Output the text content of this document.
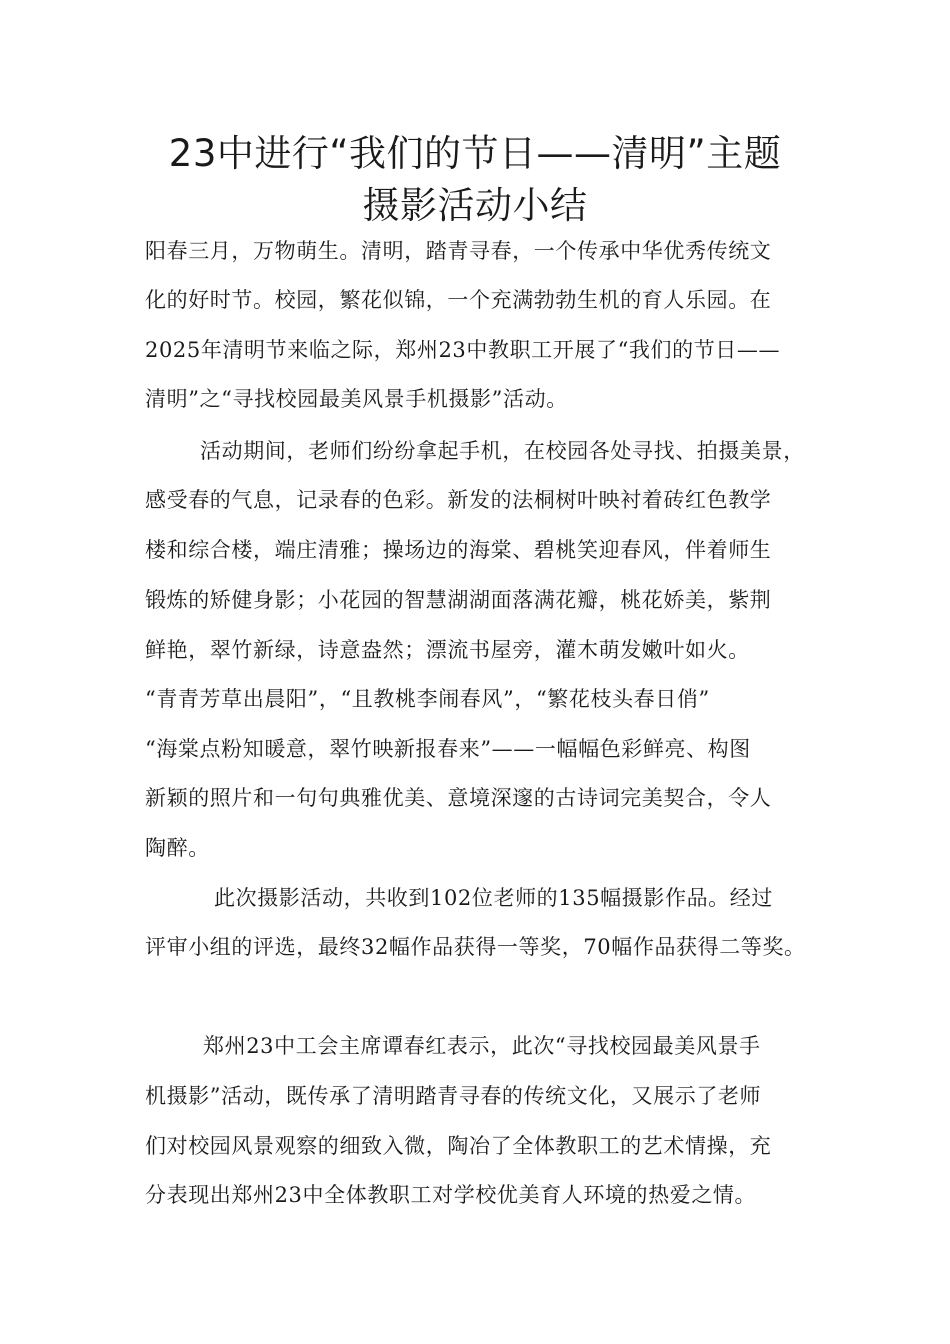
23中进行“我们的节日——清明”主题
摄影活动小结

阳春三月，万物萌生。清明，踏青寻春，一个传承中华优秀传统文

化的好时节。校园，繁花似锦，一个充满勃勃生机的育人乐园。在

2025年清明节来临之际，郑州23中教职工开展了“我们的节日——

清明”之“寻找校园最美风景手机摄影”活动。

活动期间，老师们纷纷拿起手机，在校园各处寻找、拍摄美景，

感受春的气息，记录春的色彩。新发的法桐树叶映衬着砖红色教学

楼和综合楼，端庄清雅；操场边的海棠、碧桃笑迎春风，伴着师生

锻炼的矫健身影；小花园的智慧湖湖面落满花瓣，桃花娇美，紫荆

鲜艳，翠竹新绿，诗意盎然；漂流书屋旁，灌木萌发嫩叶如火。

“青青芳草出晨阳”，“且教桃李闹春风”，“繁花枝头春日俏”

“海棠点粉知暖意，翠竹映新报春来”——一幅幅色彩鲜亮、构图

新颖的照片和一句句典雅优美、意境深邃的古诗词完美契合，令人

陶醉。

此次摄影活动，共收到102位老师的135幅摄影作品。经过

评审小组的评选，最终32幅作品获得一等奖，70幅作品获得二等奖。

郑州23中工会主席谭春红表示，此次“寻找校园最美风景手

机摄影”活动，既传承了清明踏青寻春的传统文化，又展示了老师

们对校园风景观察的细致入微，陶冶了全体教职工的艺术情操，充

分表现出郑州23中全体教职工对学校优美育人环境的热爱之情。
